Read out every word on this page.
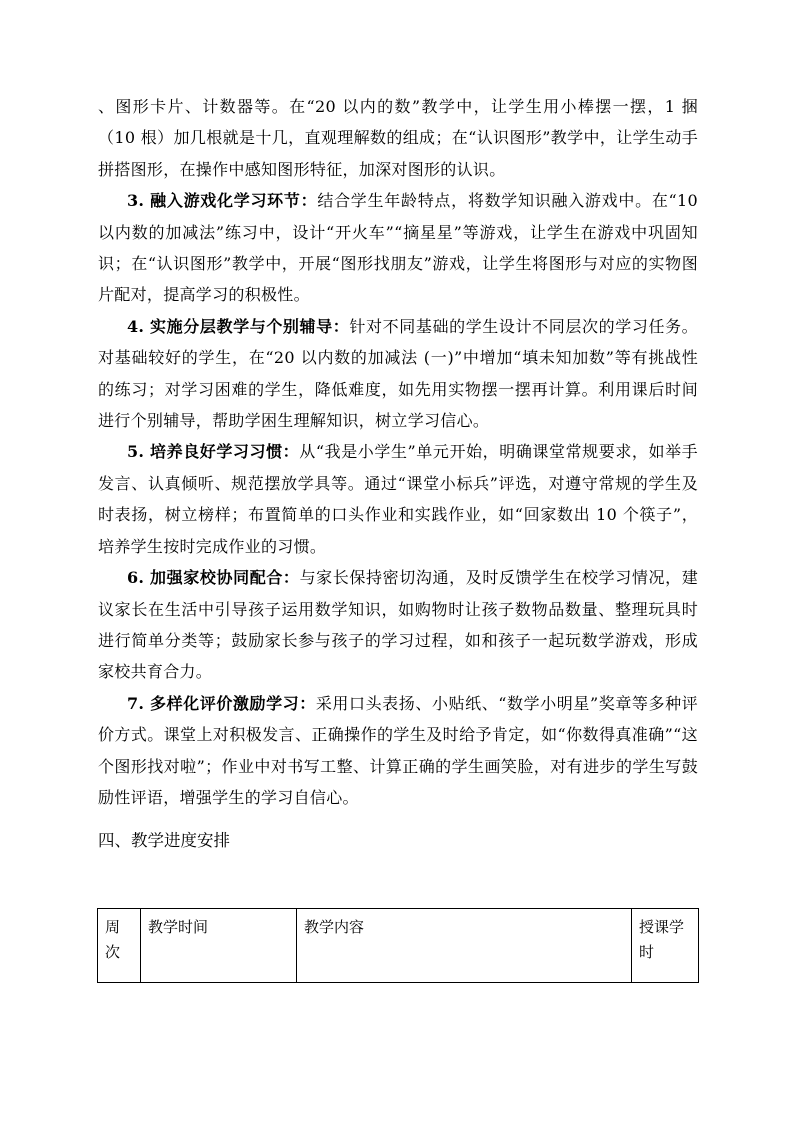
、图形卡片、计数器等。在“20 以内的数”教学中，让学生用小棒摆一摆，1 捆（10 根）加几根就是十几，直观理解数的组成；在“认识图形”教学中，让学生动手拼搭图形，在操作中感知图形特征，加深对图形的认识。

3. 融入游戏化学习环节：结合学生年龄特点，将数学知识融入游戏中。在“10 以内数的加减法”练习中，设计“开火车”“摘星星”等游戏，让学生在游戏中巩固知识；在“认识图形”教学中，开展“图形找朋友”游戏，让学生将图形与对应的实物图片配对，提高学习的积极性。

4. 实施分层教学与个别辅导：针对不同基础的学生设计不同层次的学习任务。对基础较好的学生，在“20 以内数的加减法 (一)”中增加“填未知加数”等有挑战性的练习；对学习困难的学生，降低难度，如先用实物摆一摆再计算。利用课后时间进行个别辅导，帮助学困生理解知识，树立学习信心。

5. 培养良好学习习惯：从“我是小学生”单元开始，明确课堂常规要求，如举手发言、认真倾听、规范摆放学具等。通过“课堂小标兵”评选，对遵守常规的学生及时表扬，树立榜样；布置简单的口头作业和实践作业，如“回家数出 10 个筷子”，培养学生按时完成作业的习惯。

6. 加强家校协同配合：与家长保持密切沟通，及时反馈学生在校学习情况，建议家长在生活中引导孩子运用数学知识，如购物时让孩子数物品数量、整理玩具时进行简单分类等；鼓励家长参与孩子的学习过程，如和孩子一起玩数学游戏，形成家校共育合力。

7. 多样化评价激励学习：采用口头表扬、小贴纸、“数学小明星”奖章等多种评价方式。课堂上对积极发言、正确操作的学生及时给予肯定，如“你数得真准确”“这个图形找对啦”；作业中对书写工整、计算正确的学生画笑脸，对有进步的学生写鼓励性评语，增强学生的学习自信心。

四、教学进度安排
周次	教学时间	教学内容	授课学时
